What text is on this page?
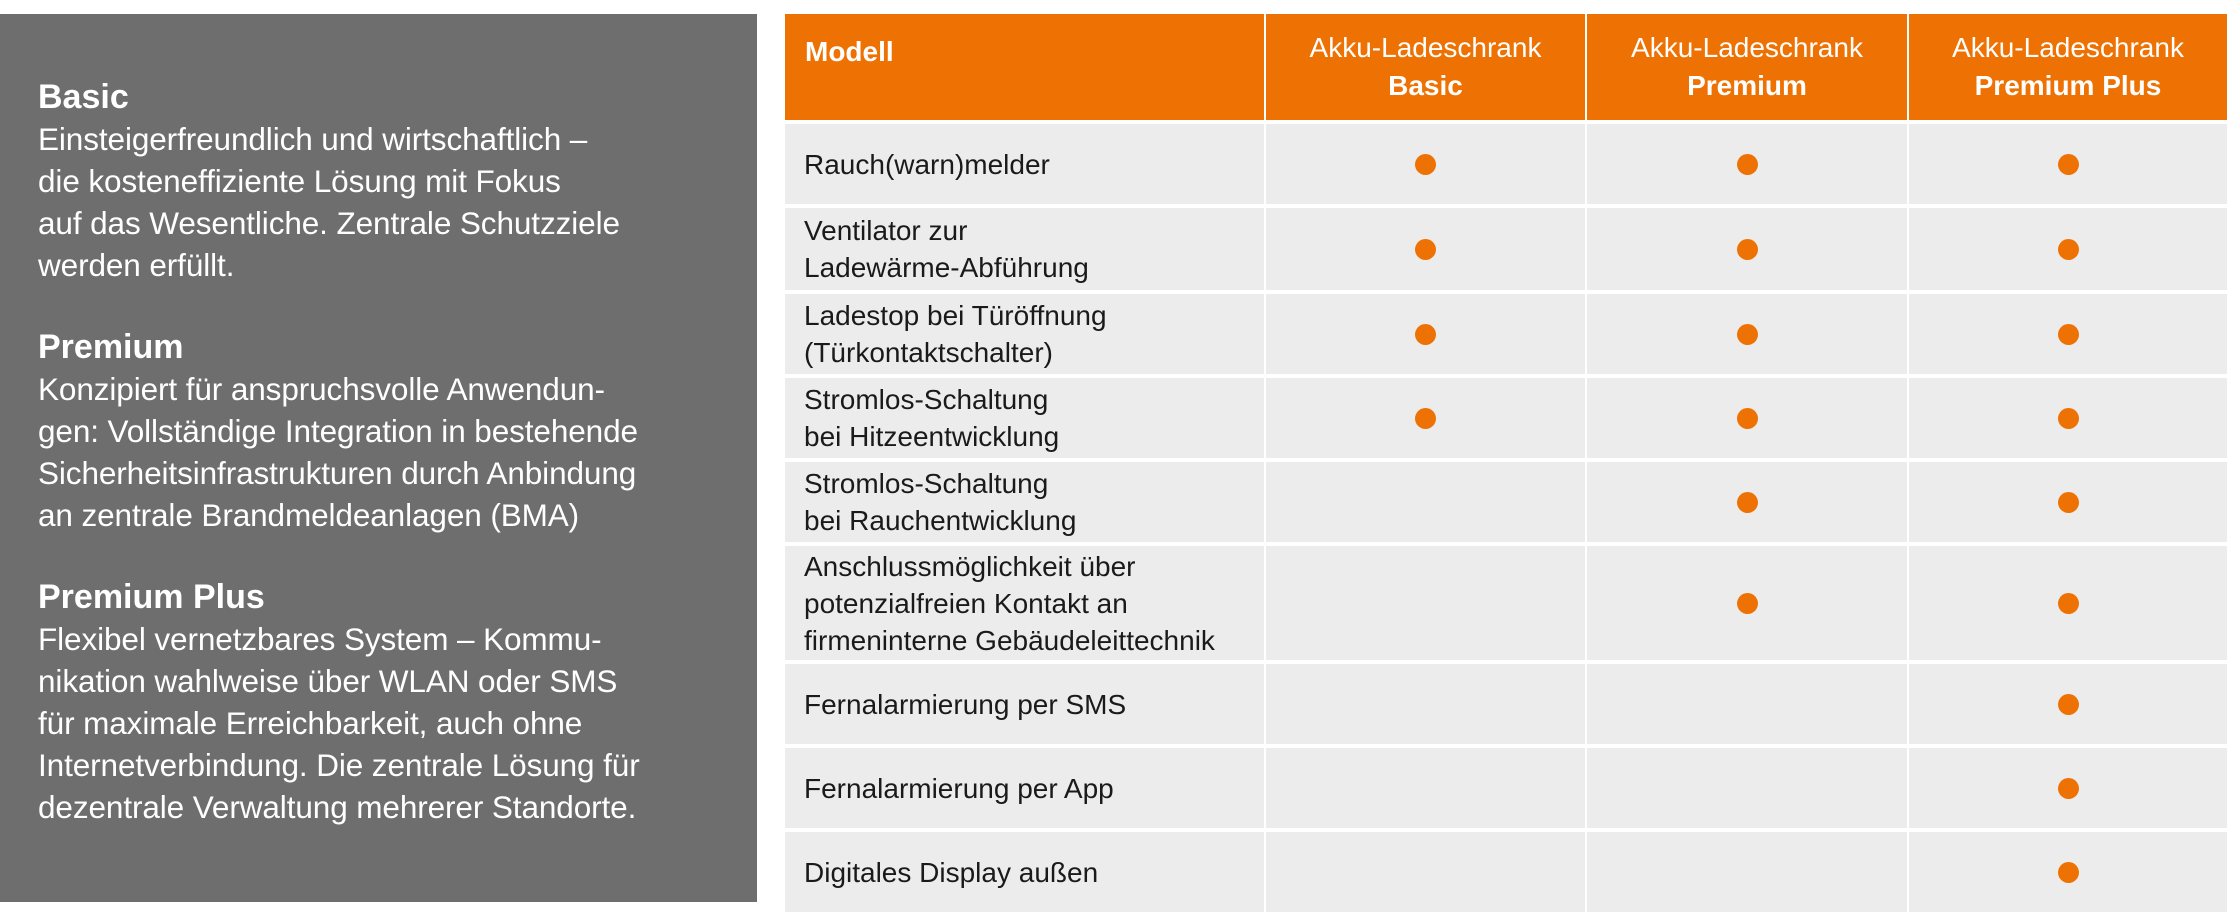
Basic
Einsteigerfreundlich und wirtschaftlich –
die kosteneffiziente Lösung mit Fokus
auf das Wesentliche. Zentrale Schutzziele
werden erfüllt.
Premium
Konzipiert für anspruchsvolle Anwendun-
gen: Vollständige Integration in bestehende
Sicherheitsinfrastrukturen durch Anbindung
an zentrale Brandmeldeanlagen (BMA)
Premium Plus
Flexibel vernetzbares System – Kommu-
nikation wahlweise über WLAN oder SMS
für maximale Erreichbarkeit, auch ohne
Internetverbindung. Die zentrale Lösung für
dezentrale Verwaltung mehrerer Standorte.
Modell	Akku-Ladeschrank
Basic
Akku-Ladeschrank
Premium
Akku-Ladeschrank
Premium Plus
Rauch(warn)melder
Ventilator zur
Ladewärme-Abführung
Ladestop bei Türöffnung
(Türkontaktschalter)
Stromlos-Schaltung
bei Hitzeentwicklung
Stromlos-Schaltung
bei Rauchentwicklung
Anschlussmöglichkeit über
potenzialfreien Kontakt an
firmeninterne Gebäudeleittechnik
Fernalarmierung per SMS
Fernalarmierung per App
Digitales Display außen
